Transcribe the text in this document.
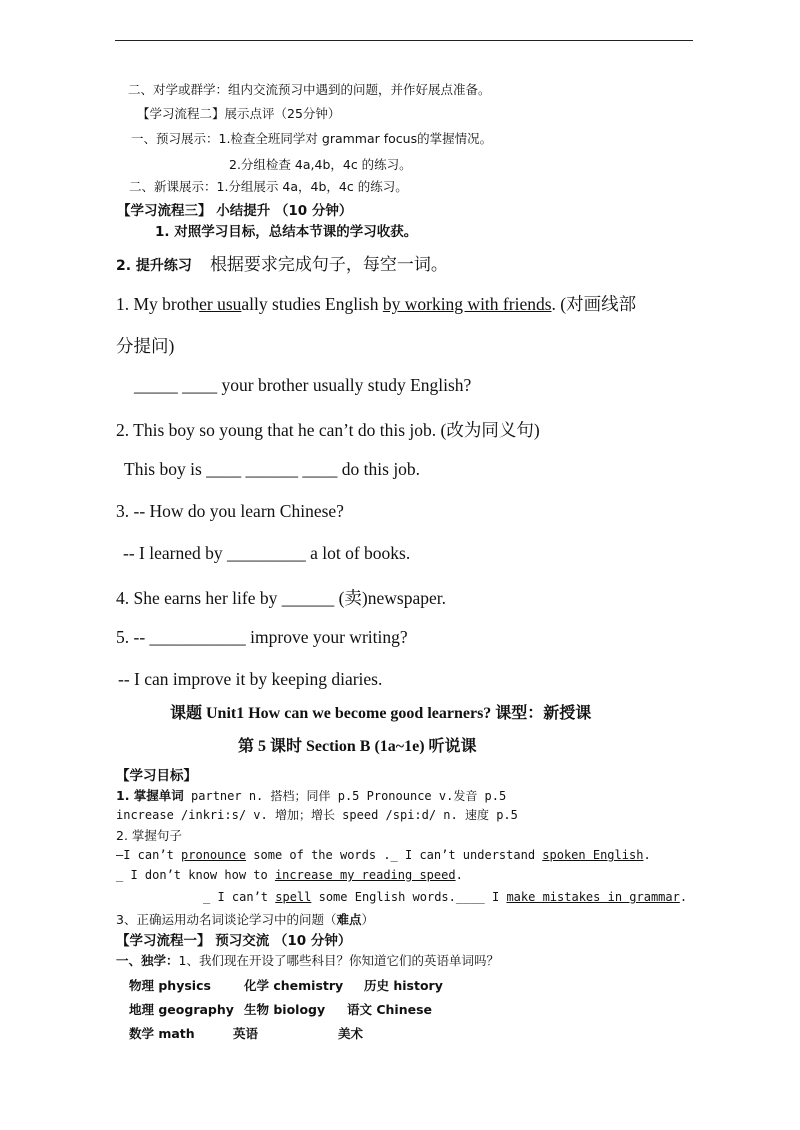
二、对学或群学：组内交流预习中遇到的问题，并作好展点准备。
【学习流程二】展示点评（25分钟）
一、预习展示：1.检查全班同学对 grammar focus的掌握情况。
2.分组检查 4a,4b，4c 的练习。
二、新课展示：1.分组展示 4a，4b，4c 的练习。
【学习流程三】 小结提升 （10 分钟）
1. 对照学习目标，总结本节课的学习收获。
2. 提升练习 根据要求完成句子，每空一词。
1. My brother usually studies English by working with friends. (对画线部
分提问)
_____ ____ your brother usually study English?
2. This boy so young that he can’t do this job. (改为同义句)
This boy is ____ ______ ____ do this job.
3. -- How do you learn Chinese?
-- I learned by _________ a lot of books.
4. She earns her life by ______ (卖)newspaper.
5. -- ___________ improve your writing?
-- I can improve it by keeping diaries.
课题 Unit1 How can we become good learners? 课型：新授课
第 5 课时 Section B (1a~1e) 听说课
【学习目标】
1. 掌握单词 partner n. 搭档；同伴 p.5 Pronounce v.发音 p.5
increase /inkri:s/ v. 增加；增长 speed /spi:d/ n. 速度 p.5
2. 掌握句子
—I can’t pronounce some of the words ._ I can’t understand spoken English.
_ I don’t know how to increase my reading speed.
_ I can’t spell some English words.____ I make mistakes in grammar.
3、正确运用动名词谈论学习中的问题（难点）
【学习流程一】 预习交流 （10 分钟）
一、独学：1、我们现在开设了哪些科目？你知道它们的英语单词吗？
物理 physics	化学 chemistry 历史 history
地理 geography 生物 biology 语文 Chinese
数学 math	英语	美术
